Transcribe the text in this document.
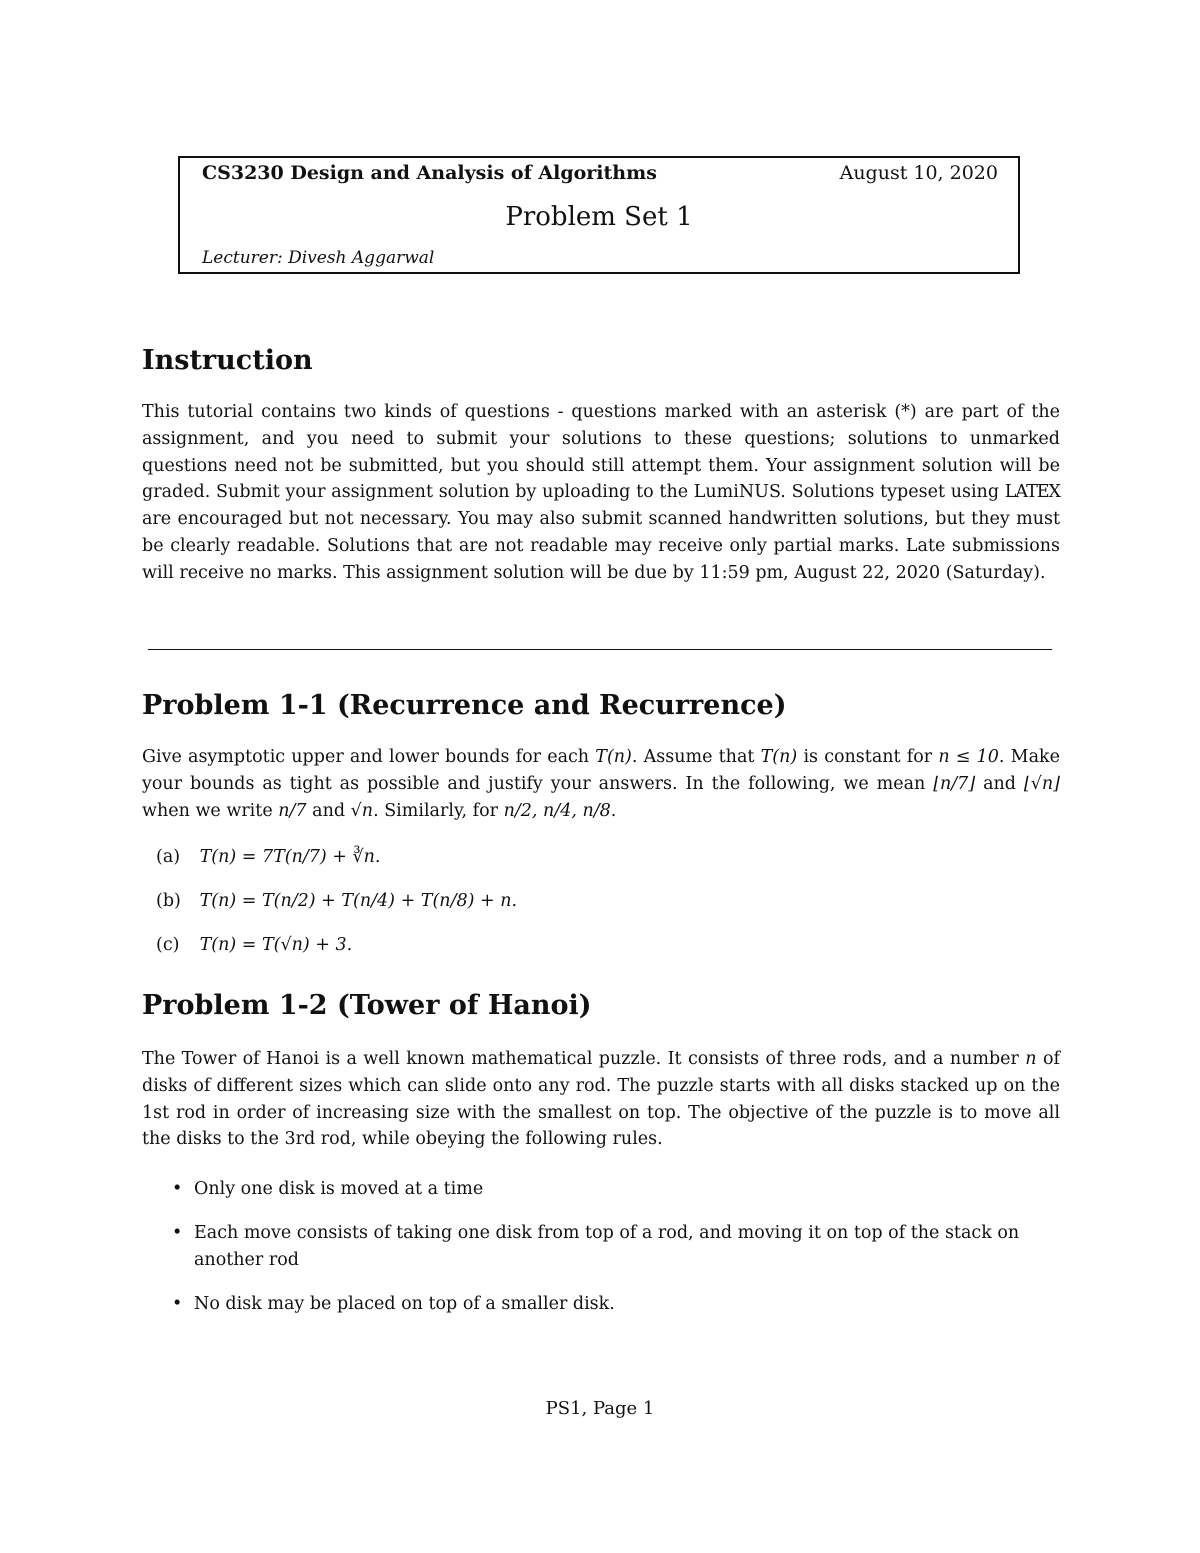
CS3230 Design and Analysis of Algorithms	August 10, 2020
Problem Set 1
Lecturer: Divesh Aggarwal
Instruction

This tutorial contains two kinds of questions - questions marked with an asterisk (*) are part of the assignment, and you need to submit your solutions to these questions; solutions to unmarked questions need not be submitted, but you should still attempt them. Your assignment solution will be graded. Submit your assignment solution by uploading to the LumiNUS. Solutions typeset using LATEX are encouraged but not necessary. You may also submit scanned handwritten solutions, but they must be clearly readable. Solutions that are not readable may receive only partial marks. Late submissions will receive no marks. This assignment solution will be due by 11:59 pm, August 22, 2020 (Saturday).

Problem 1-1 (Recurrence and Recurrence)

Give asymptotic upper and lower bounds for each T(n). Assume that T(n) is constant for n ≤ 10. Make your bounds as tight as possible and justify your answers. In the following, we mean ⌊n/7⌋ and ⌊√n⌋ when we write n/7 and √n. Similarly, for n/2, n/4, n/8.

(a) T(n) = 7T(n/7) + ∛n.
(b) T(n) = T(n/2) + T(n/4) + T(n/8) + n.
(c) T(n) = T(√n) + 3.
Problem 1-2 (Tower of Hanoi)

The Tower of Hanoi is a well known mathematical puzzle. It consists of three rods, and a number n of disks of different sizes which can slide onto any rod. The puzzle starts with all disks stacked up on the 1st rod in order of increasing size with the smallest on top. The objective of the puzzle is to move all the disks to the 3rd rod, while obeying the following rules.

• Only one disk is moved at a time
• Each move consists of taking one disk from top of a rod, and moving it on top of the stack on another rod
• No disk may be placed on top of a smaller disk.
PS1, Page 1
